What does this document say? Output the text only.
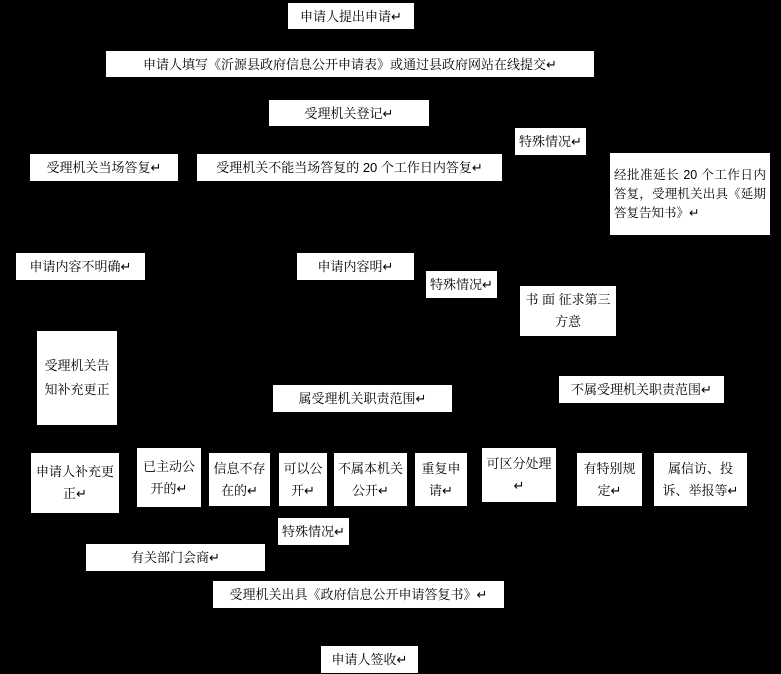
申请人提出申请↵
申请人填写《沂源县政府信息公开申请表》或通过县政府网站在线提交↵
受理机关登记↵
特殊情况↵
受理机关当场答复↵	受理机关不能当场答复的 20 个工作日内答复↵	经批准延长 20 个工作日内答复，受理机关出具《延期答复告知书》↵
申请内容不明确↵	申请内容明↵
特殊情况↵
书 面 征求第三方意
受理机关告知补充更正
属受理机关职责范围↵
不属受理机关职责范围↵
申请人补充更正↵
已主动公开的↵
信息不存在的↵
可以公开↵
不属本机关公开↵
重复申请↵
可区分处理↵
有特别规定↵
属信访、投诉、举报等↵
特殊情况↵
有关部门会商↵
受理机关出具《政府信息公开申请答复书》↵
申请人签收↵
